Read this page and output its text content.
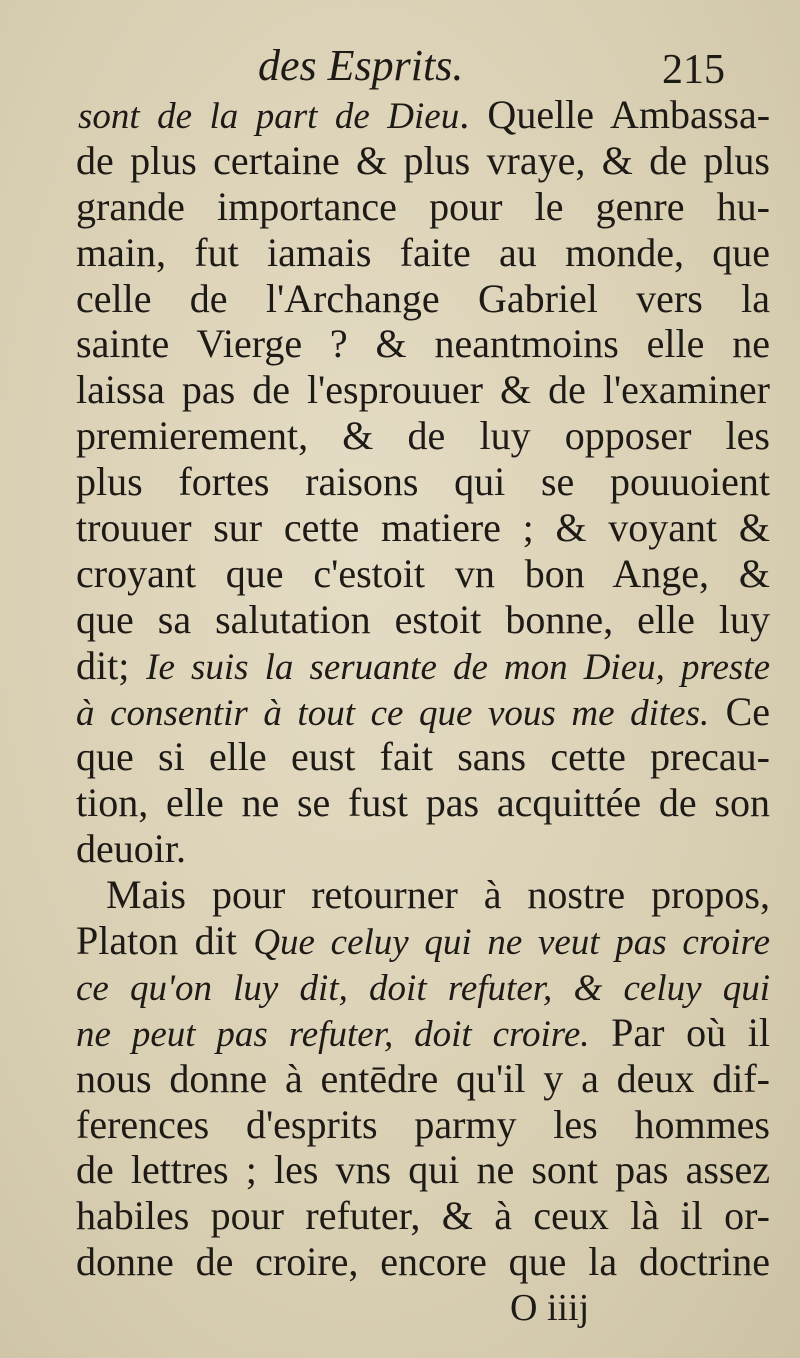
des Esprits.	215
sont de la part de Dieu. Quelle Ambassa-
de plus certaine & plus vraye, & de plus
grande importance pour le genre hu-
main, fut iamais faite au monde, que
celle de l'Archange Gabriel vers la
sainte Vierge ? & neantmoins elle ne
laissa pas de l'esprouuer & de l'examiner
premierement, & de luy opposer les
plus fortes raisons qui se pouuoient
trouuer sur cette matiere ; & voyant &
croyant que c'estoit vn bon Ange, &
que sa salutation estoit bonne, elle luy
dit; Ie suis la seruante de mon Dieu, preste
à consentir à tout ce que vous me dites. Ce
que si elle eust fait sans cette precau-
tion, elle ne se fust pas acquittée de son
deuoir.
Mais pour retourner à nostre propos,
Platon dit Que celuy qui ne veut pas croire
ce qu'on luy dit, doit refuter, & celuy qui
ne peut pas refuter, doit croire. Par où il
nous donne à entēdre qu'il y a deux dif-
ferences d'esprits parmy les hommes
de lettres ; les vns qui ne sont pas assez
habiles pour refuter, & à ceux là il or-
donne de croire, encore que la doctrine
O iiij
